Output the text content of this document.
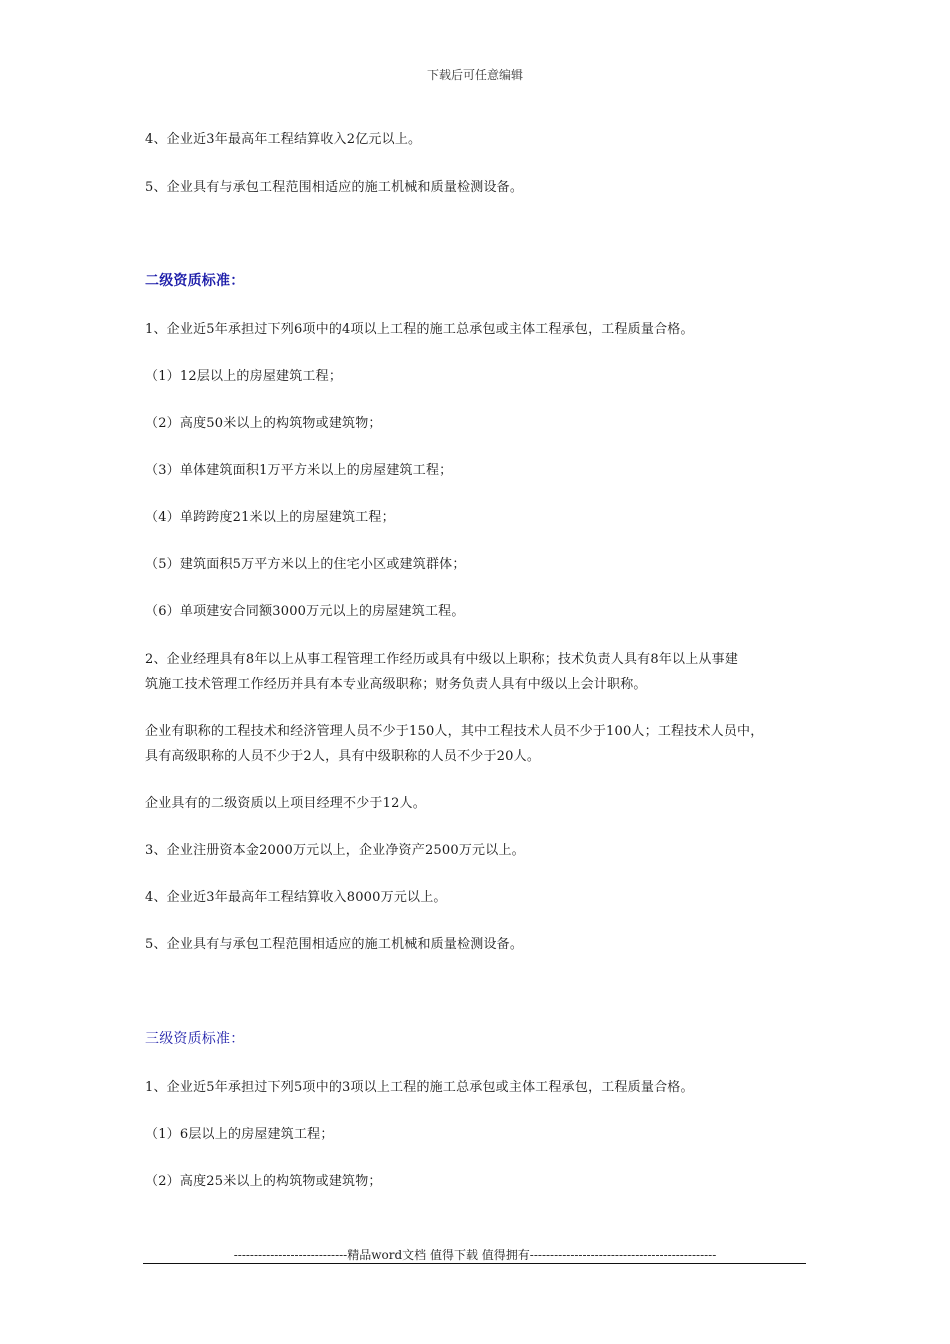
下载后可任意编辑
4、企业近3年最高年工程结算收入2亿元以上。
5、企业具有与承包工程范围相适应的施工机械和质量检测设备。
二级资质标准：
1、企业近5年承担过下列6项中的4项以上工程的施工总承包或主体工程承包，工程质量合格。
（1）12层以上的房屋建筑工程；
（2）高度50米以上的构筑物或建筑物；
（3）单体建筑面积1万平方米以上的房屋建筑工程；
（4）单跨跨度21米以上的房屋建筑工程；
（5）建筑面积5万平方米以上的住宅小区或建筑群体；
（6）单项建安合同额3000万元以上的房屋建筑工程。
2、企业经理具有8年以上从事工程管理工作经历或具有中级以上职称；技术负责人具有8年以上从事建
筑施工技术管理工作经历并具有本专业高级职称；财务负责人具有中级以上会计职称。
企业有职称的工程技术和经济管理人员不少于150人，其中工程技术人员不少于100人；工程技术人员中，
具有高级职称的人员不少于2人，具有中级职称的人员不少于20人。
企业具有的二级资质以上项目经理不少于12人。
3、企业注册资本金2000万元以上，企业净资产2500万元以上。
4、企业近3年最高年工程结算收入8000万元以上。
5、企业具有与承包工程范围相适应的施工机械和质量检测设备。
三级资质标准：
1、企业近5年承担过下列5项中的3项以上工程的施工总承包或主体工程承包，工程质量合格。
（1）6层以上的房屋建筑工程；
（2）高度25米以上的构筑物或建筑物；
----------------------------精品word文档 值得下载 值得拥有----------------------------------------------
